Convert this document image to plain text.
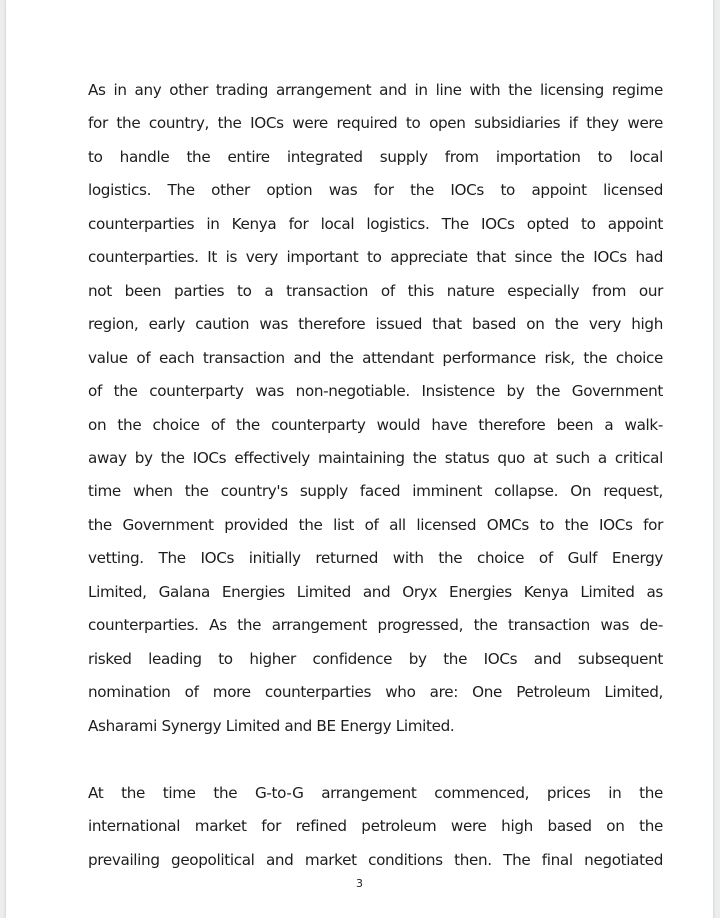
As in any other trading arrangement and in line with the licensing regime
for the country, the IOCs were required to open subsidiaries if they were
to handle the entire integrated supply from importation to local
logistics. The other option was for the IOCs to appoint licensed
counterparties in Kenya for local logistics. The IOCs opted to appoint
counterparties. It is very important to appreciate that since the IOCs had
not been parties to a transaction of this nature especially from our
region, early caution was therefore issued that based on the very high
value of each transaction and the attendant performance risk, the choice
of the counterparty was non-negotiable. Insistence by the Government
on the choice of the counterparty would have therefore been a walk-
away by the IOCs effectively maintaining the status quo at such a critical
time when the country's supply faced imminent collapse. On request,
the Government provided the list of all licensed OMCs to the IOCs for
vetting. The IOCs initially returned with the choice of Gulf Energy
Limited, Galana Energies Limited and Oryx Energies Kenya Limited as
counterparties. As the arrangement progressed, the transaction was de-
risked leading to higher confidence by the IOCs and subsequent
nomination of more counterparties who are: One Petroleum Limited,
Asharami Synergy Limited and BE Energy Limited.
At the time the G-to-G arrangement commenced, prices in the
international market for refined petroleum were high based on the
prevailing geopolitical and market conditions then. The final negotiated
3
